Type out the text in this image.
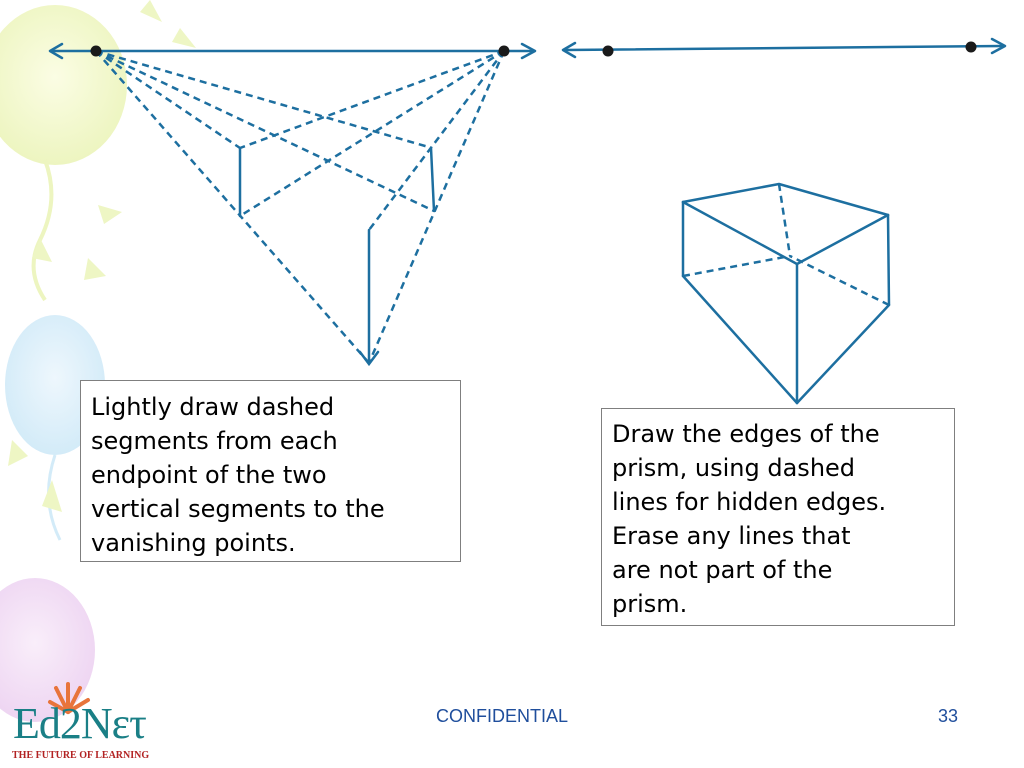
Lightly draw dashed
segments from each
endpoint of the two
vertical segments to the
vanishing points.
Draw the edges of the
prism, using dashed
lines for hidden edges.
Erase any lines that
are not part of the
prism.
Ed2Nετ
THE FUTURE OF LEARNING
CONFIDENTIAL	33
